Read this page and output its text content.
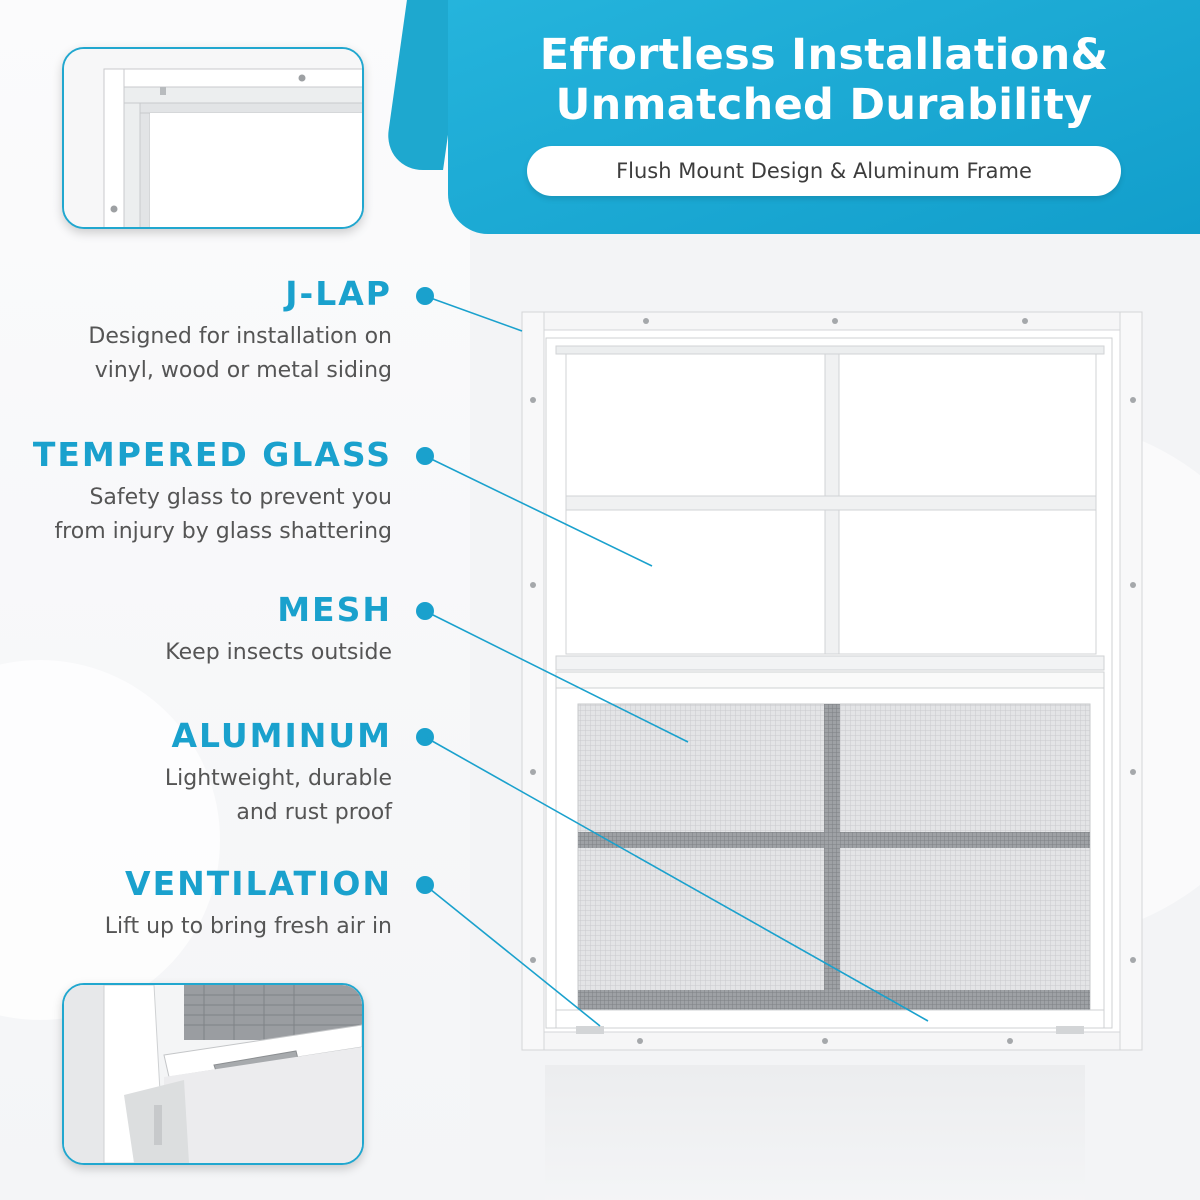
Effortless Installation&
Unmatched Durability
Flush Mount Design & Aluminum Frame
J-LAP
Designed for installation on
vinyl, wood or metal siding
TEMPERED GLASS
Safety glass to prevent you
from injury by glass shattering
MESH
Keep insects outside
ALUMINUM
Lightweight, durable
and rust proof
VENTILATION
Lift up to bring fresh air in
